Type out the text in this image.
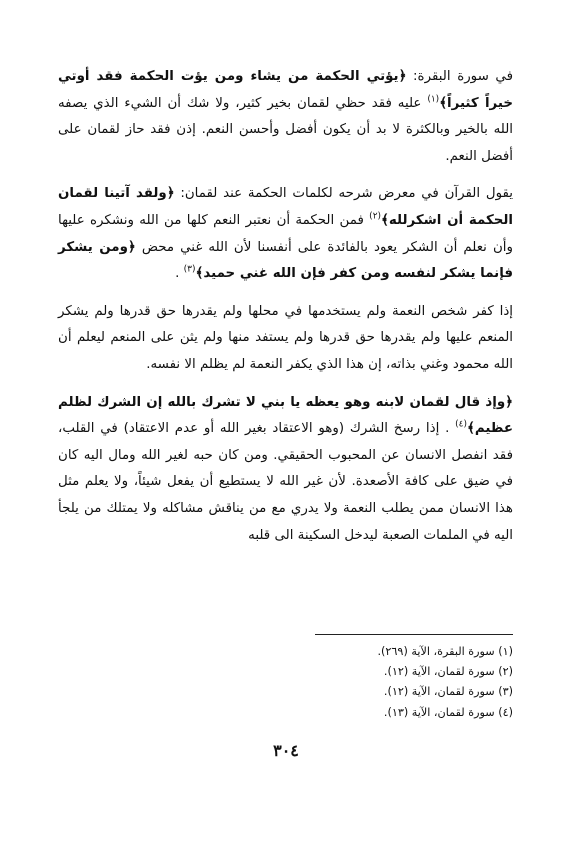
في سورة البقرة: ﴿يؤتي الحكمة من يشاء ومن يؤت الحكمة فقد أوتي خيراً كثيراً﴾$^{(١)}$ عليه فقد حظي لقمان بخير كثير، ولا شك أن الشيء الذي يصفه الله بالخير وبالكثرة لا بد أن يكون أفضل وأحسن النعم. إذن فقد حاز لقمان على أفضل النعم.

يقول القرآن في معرض شرحه لكلمات الحكمة عند لقمان: ﴿ولقد آتينا لقمان الحكمة أن اشكرلله﴾$^{(٢)}$ فمن الحكمة أن نعتبر النعم كلها من الله ونشكره عليها وأن نعلم أن الشكر يعود بالفائدة على أنفسنا لأن الله غني محض ﴿ومن يشكر فإنما يشكر لنفسه ومن كفر فإن الله غني حميد﴾$^{(٣)}$ .

إذا كفر شخص النعمة ولم يستخدمها في محلها ولم يقدرها حق قدرها ولم يشكر المنعم عليها ولم يقدرها حق قدرها ولم يستفد منها ولم يثن على المنعم ليعلم أن الله محمود وغني بذاته، إن هذا الذي يكفر النعمة لم يظلم الا نفسه.

﴿وإذ قال لقمان لابنه وهو يعظه يا بني لا تشرك بالله إن الشرك لظلم عظيم﴾$^{(٤)}$ . إذا رسخ الشرك (وهو الاعتقاد بغير الله أو عدم الاعتقاد) في القلب، فقد انفصل الانسان عن المحبوب الحقيقي. ومن كان حبه لغير الله ومال اليه كان في ضيق على كافة الأصعدة. لأن غير الله لا يستطيع أن يفعل شيئاً، ولا يعلم مثل هذا الانسان ممن يطلب النعمة ولا يدري مع من يناقش مشاكله ولا يمتلك من يلجأ اليه في الملمات الصعبة ليدخل السكينة الى قلبه

(١) سورة البقرة، الآية (٢٦٩).

(٢) سورة لقمان، الآية (١٢).

(٣) سورة لقمان، الآية (١٢).

(٤) سورة لقمان، الآية (١٣).

٣٠٤
